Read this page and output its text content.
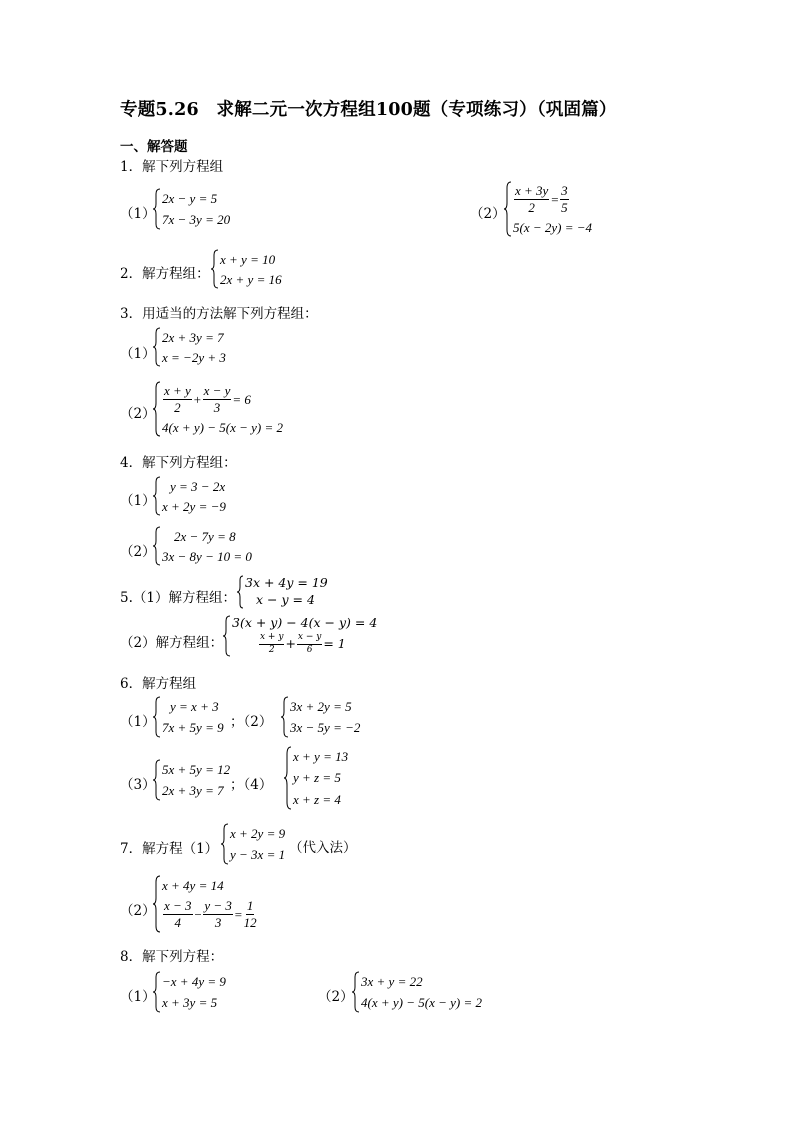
专题5.26　求解二元一次方程组100题（专项练习）（巩固篇）
一、解答题
1．解下列方程组
（1）
2x − y = 5
7x − 3y = 20	$(2) \frac{x + 3y}{2} = \frac{3}{5}$
5(x − 2y) = −4
2．解方程组：
x + y = 10
2x + y = 16
3．用适当的方法解下列方程组：
（1）
2x + 3y = 7
x = −2y + 3
$(2) \frac{x + y}{2} + \frac{x - y}{3} = 6$
4(x + y) − 5(x − y) = 2
4．解下列方程组：
（1）
y = 3 − 2x
x + 2y = −9
（2）
2x − 7y = 8
3x − 8y − 10 = 0
5.（1）解方程组：
3x + 4y = 19
x − y = 4
（2）解方程组：
3(x + y) − 4(x − y) = 4
$\frac{x + y}{2} + \frac{x - y}{6} = 1$
6．解方程组
（1）
y = x + 3
7x + 5y = 9 ；（2）
3x + 2y = 5
3x − 5y = −2
（3）
5x + 5y = 12
2x + 3y = 7 ；（4）
x + y = 13
y + z = 5
x + z = 4
7．解方程（1）
x + 2y = 9
y − 3x = 1 （代入法）
（2）
x + 4y = 14
$\frac{x - 3}{4} - \frac{y - 3}{3} = \frac{1}{12}$
8．解下列方程：
（1）
−x + 4y = 9
x + 3y = 5	（2）
3x + y = 22
4(x + y) − 5(x − y) = 2
